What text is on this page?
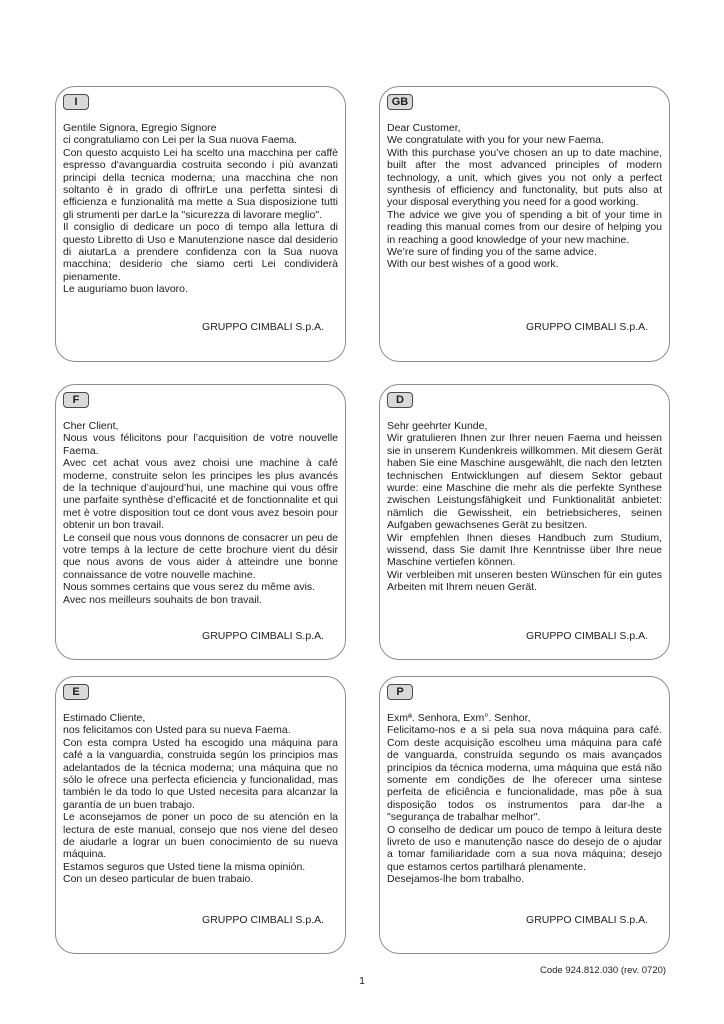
I

Gentile Signora, Egregio Signore

ci congratuliamo con Lei per la Sua nuova Faema.

Con questo acquisto Lei ha scelto una macchina per caffè espresso d'avanguardia costruita secondo i più avanzati principi della tecnica moderna; una macchina che non soltanto è in grado di offrirLe una perfetta sintesi di efficienza e funzionalità ma mette a Sua disposizione tutti gli strumenti per darLe la "sicurezza di lavorare meglio".

Il consiglio di dedicare un poco di tempo alla lettura di questo Libretto di Uso e Manutenzione nasce dal desiderio di aiutarLa a prendere confidenza con la Sua nuova macchina; desiderio che siamo certi Lei condividerà pienamente.

Le auguriamo buon lavoro.

GRUPPO CIMBALI S.p.A.
GB

Dear Customer,

We congratulate with you for your new Faema.

With this purchase you’ve chosen an up to date machine, built after the most advanced principles of modern technology, a unit, which gives you not only a perfect synthesis of efficiency and functonality, but puts also at your disposal everything you need for a good working.

The advice we give you of spending a bit of your time in reading this manual comes from our desire of helping you in reaching a good knowledge of your new machine.

We’re sure of finding you of the same advice.

With our best wishes of a good work.

GRUPPO CIMBALI S.p.A.
F

Cher Client,

Nous vous félicitons pour l’acquisition de votre nouvelle Faema.

Avec cet achat vous avez choisi une machine à café moderne, construite selon les principes les plus avancés de la technique d’aujourd’hui, une machine qui vous offre une parfaite synthèse d’efficacité et de fonctionnalite et qui met è votre disposition tout ce dont vous avez besoin pour obtenir un bon travail.

Le conseil que nous vous donnons de consacrer un peu de votre temps à la lecture de cette brochure vient du désir que nous avons de vous aider à atteindre une bonne connaissance de votre nouvelle machine.

Nous sommes certains que vous serez du même avis.

Avec nos meilleurs souhaits de bon travail.

GRUPPO CIMBALI S.p.A.
D

Sehr geehrter Kunde,

Wir gratulieren Ihnen zur Ihrer neuen Faema und heissen sie in unserem Kundenkreis willkommen. Mit diesem Gerät haben Sie eine Maschine ausgewählt, die nach den letzten technischen Entwicklungen auf diesem Sektor gebaut wurde: eine Maschine die mehr als die perfekte Synthese zwischen Leistungsfähigkeit und Funktionalität anbietet: nämlich die Gewissheit, ein betriebsicheres, seinen Aufgaben gewachsenes Gerät zu besitzen.

Wir empfehlen Ihnen dieses Handbuch zum Studium, wissend, dass Sie damit Ihre Kenntnisse über Ihre neue Maschine vertiefen können.

Wir verbleiben mit unseren besten Wünschen für ein gutes Arbeiten mit Ihrem neuen Gerät.

GRUPPO CIMBALI S.p.A.
E

Estimado Cliente,

nos felicitamos con Usted para su nueva Faema.

Con esta compra Usted ha escogido una máquina para café a la vanguardia, construida según los principios mas adelantados de la técnica moderna; una máquina que no sólo le ofrece una perfecta eficiencia y funcionalidad, mas también le da todo lo que Usted necesita para alcanzar la garantía de un buen trabajo.

Le aconsejamos de poner un poco de su atención en la lectura de este manual, consejo que nos viene del deseo de aiudarle a lograr un buen conocimiento de su nueva máquina.

Estamos seguros que Usted tiene la misma opinión.

Con un deseo particular de buen trabaio.

GRUPPO CIMBALI S.p.A.
P

Exmª. Senhora, Exm°. Senhor,

Felicitamo-nos e a si pela sua nova máquina para café. Com deste acquisição escolheu uma máquina para café de vanguarda, construída segundo os mais avançados princípios da técnica moderna, uma máquina que está não somente em condições de lhe oferecer uma sintese perfeita de eficiência e funcionalidade, mas põe à sua disposição todos os instrumentos para dar-lhe a "segurança de trabalhar melhor".

O conselho de dedicar um pouco de tempo à leitura deste livreto de uso e manutenção nasce do desejo de o ajudar a tomar familiaridade com a sua nova máquina; desejo que estamos certos partilhará plenamente.

Desejamos-lhe bom trabalho.

GRUPPO CIMBALI S.p.A.
Code 924.812.030 (rev. 0720)
1
